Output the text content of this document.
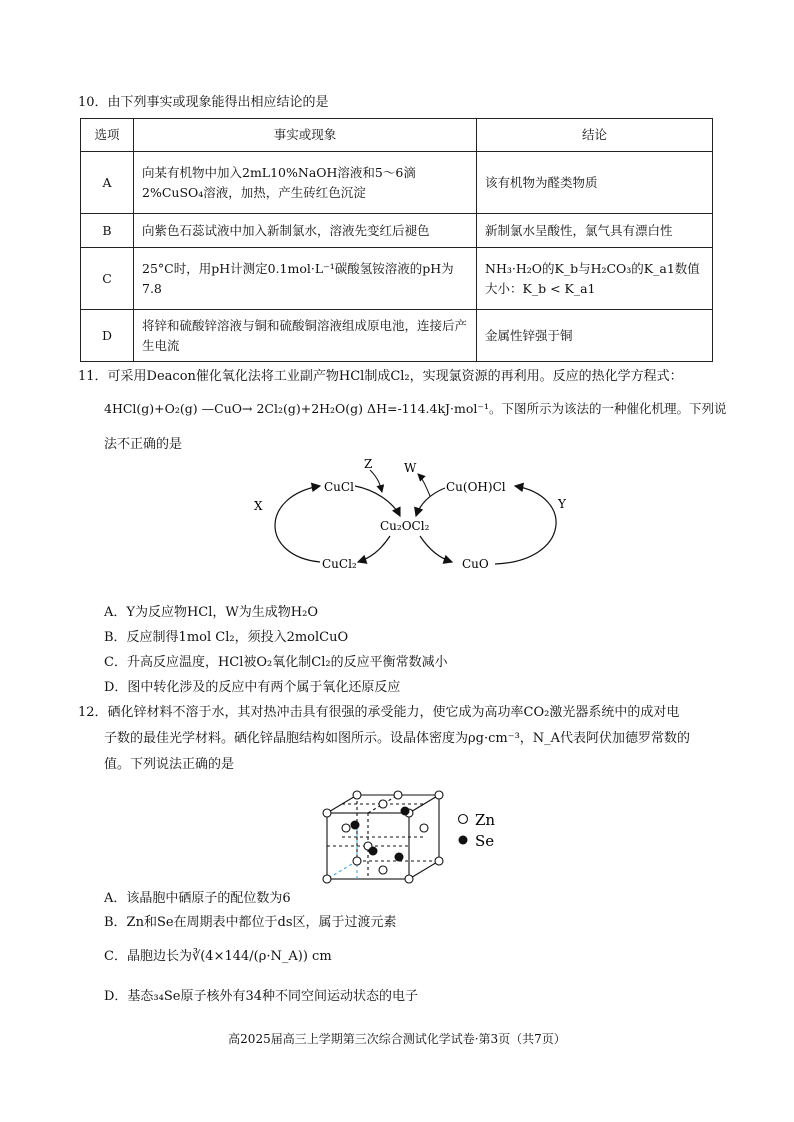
10．由下列事实或现象能得出相应结论的是
选项	事实或现象	结论
A	向某有机物中加入2mL10%NaOH溶液和5～6滴2%CuSO₄溶液，加热，产生砖红色沉淀	该有机物为醛类物质
B	向紫色石蕊试液中加入新制氯水，溶液先变红后褪色	新制氯水呈酸性，氯气具有漂白性
C	25°C时，用pH计测定0.1mol·L⁻¹碳酸氢铵溶液的pH为7.8	NH₃·H₂O的K_b与H₂CO₃的K_a1数值大小：K_b < K_a1
D	将锌和硫酸锌溶液与铜和硫酸铜溶液组成原电池，连接后产生电流	金属性锌强于铜
11．可采用Deacon催化氧化法将工业副产物HCl制成Cl₂，实现氯资源的再利用。反应的热化学方程式：
4HCl(g)+O₂(g) —CuO→ 2Cl₂(g)+2H₂O(g) ΔH=-114.4kJ·mol⁻¹。下图所示为该法的一种催化机理。下列说
法不正确的是
CuCl	Cu(OH)Cl
Cu₂OCl₂
CuCl₂	CuO
X	Y
Z	W
A．Y为反应物HCl，W为生成物H₂O
B．反应制得1mol Cl₂，须投入2molCuO
C．升高反应温度，HCl被O₂氧化制Cl₂的反应平衡常数减小
D．图中转化涉及的反应中有两个属于氧化还原反应
12．硒化锌材料不溶于水，其对热冲击具有很强的承受能力，使它成为高功率CO₂激光器系统中的成对电
子数的最佳光学材料。硒化锌晶胞结构如图所示。设晶体密度为ρg·cm⁻³，N_A代表阿伏加德罗常数的
值。下列说法正确的是
Zn
Se
A．该晶胞中硒原子的配位数为6
B．Zn和Se在周期表中都位于ds区，属于过渡元素
C．晶胞边长为∛(4×144/(ρ·N_A)) cm
D．基态₃₄Se原子核外有34种不同空间运动状态的电子
高2025届高三上学期第三次综合测试化学试卷·第3页（共7页）
